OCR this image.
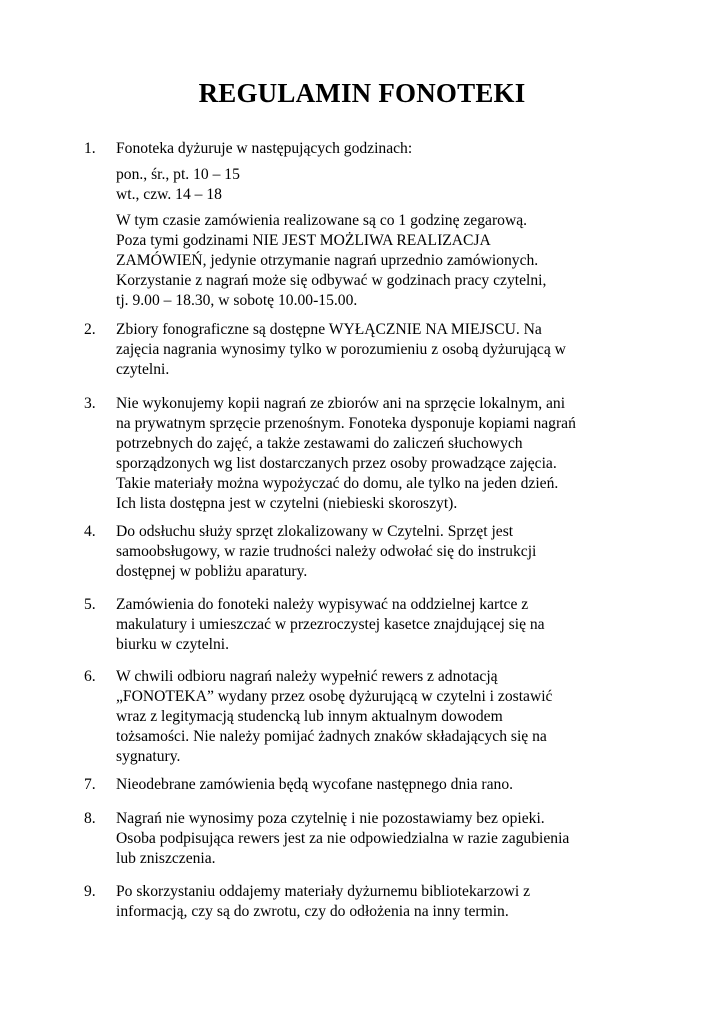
REGULAMIN FONOTEKI
1.	Fonoteka dyżuruje w następujących godzinach:
pon., śr., pt. 10 – 15
wt., czw. 14 – 18
W tym czasie zamówienia realizowane są co 1 godzinę zegarową.
Poza tymi godzinami NIE JEST MOŻLIWA REALIZACJA
ZAMÓWIEŃ, jedynie otrzymanie nagrań uprzednio zamówionych.
Korzystanie z nagrań może się odbywać w godzinach pracy czytelni,
tj. 9.00 – 18.30, w sobotę 10.00-15.00.
2.	Zbiory fonograficzne są dostępne WYŁĄCZNIE NA MIEJSCU. Na
zajęcia nagrania wynosimy tylko w porozumieniu z osobą dyżurującą w
czytelni.
3.	Nie wykonujemy kopii nagrań ze zbiorów ani na sprzęcie lokalnym, ani
na prywatnym sprzęcie przenośnym. Fonoteka dysponuje kopiami nagrań
potrzebnych do zajęć, a także zestawami do zaliczeń słuchowych
sporządzonych wg list dostarczanych przez osoby prowadzące zajęcia.
Takie materiały można wypożyczać do domu, ale tylko na jeden dzień.
Ich lista dostępna jest w czytelni (niebieski skoroszyt).
4.	Do odsłuchu służy sprzęt zlokalizowany w Czytelni. Sprzęt jest
samoobsługowy, w razie trudności należy odwołać się do instrukcji
dostępnej w pobliżu aparatury.
5.	Zamówienia do fonoteki należy wypisywać na oddzielnej kartce z
makulatury i umieszczać w przezroczystej kasetce znajdującej się na
biurku w czytelni.
6.	W chwili odbioru nagrań należy wypełnić rewers z adnotacją
„FONOTEKA” wydany przez osobę dyżurującą w czytelni i zostawić
wraz z legitymacją studencką lub innym aktualnym dowodem
tożsamości. Nie należy pomijać żadnych znaków składających się na
sygnatury.
7.	Nieodebrane zamówienia będą wycofane następnego dnia rano.
8.	Nagrań nie wynosimy poza czytelnię i nie pozostawiamy bez opieki.
Osoba podpisująca rewers jest za nie odpowiedzialna w razie zagubienia
lub zniszczenia.
9.	Po skorzystaniu oddajemy materiały dyżurnemu bibliotekarzowi z
informacją, czy są do zwrotu, czy do odłożenia na inny termin.
